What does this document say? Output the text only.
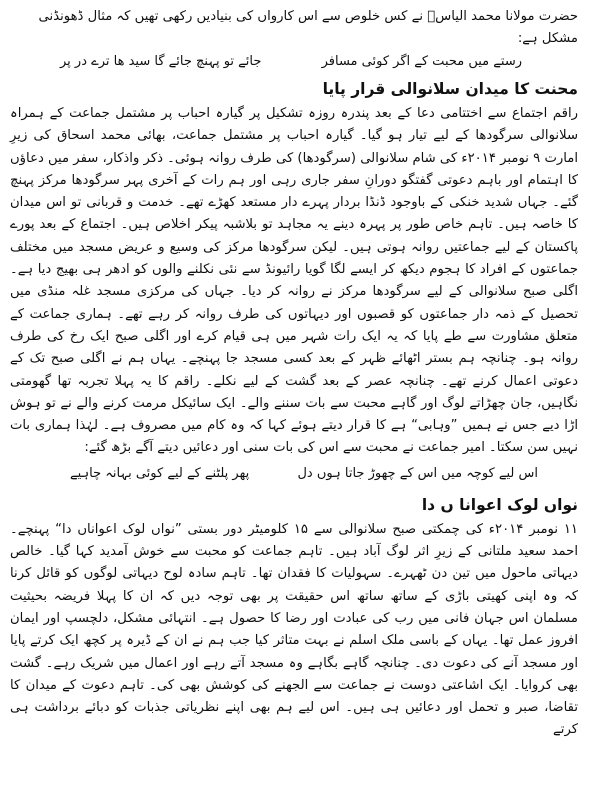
حضرت مولانا محمد الیاسؒ نے کس خلوص سے اس کارواں کی بنیادیں رکھی تھیں کہ مثال ڈھونڈنی مشکل ہے:

رستے میں محبت کے اگر کوئی مسافر
جائے تو پہنچ جائے گا سید ھا ترے در پر
محنت کا میدان سلانوالی قرار پایا

راقم اجتماع سے اختتامی دعا کے بعد پندرہ روزہ تشکیل پر گیارہ احباب پر مشتمل جماعت کے ہمراہ سلانوالی سرگودھا کے لیے تیار ہو گیا۔ گیارہ احباب پر مشتمل جماعت، بھائی محمد اسحاق کی زیرِ امارت ۹ نومبر ۲۰۱۴ء کی شام سلانوالی (سرگودھا) کی طرف روانہ ہوئی۔ ذکر واذکار، سفر میں دعاؤں کا اہتمام اور باہم دعوتی گفتگو دورانِ سفر جاری رہی اور ہم رات کے آخری پہر سرگودھا مرکز پہنچ گئے۔ جہاں شدید خنکی کے باوجود ڈنڈا بردار پہرے دار مستعد کھڑے تھے۔ خدمت و قربانی تو اس میدان کا خاصہ ہیں۔ تاہم خاص طور پر پہرہ دینے یہ مجاہد تو بلاشبہ پیکر اخلاص ہیں۔ اجتماع کے بعد پورے پاکستان کے لیے جماعتیں روانہ ہوتی ہیں۔ لیکن سرگودھا مرکز کی وسیع و عریض مسجد میں مختلف جماعتوں کے افراد کا ہجوم دیکھ کر ایسے لگا گویا رائیونڈ سے نئی نکلنے والوں کو ادھر ہی بھیج دیا ہے۔ اگلی صبح سلانوالی کے لیے سرگودھا مرکز نے روانہ کر دیا۔ جہاں کی مرکزی مسجد غلہ منڈی میں تحصیل کے ذمہ دار جماعتوں کو قصبوں اور دیہاتوں کی طرف روانہ کر رہے تھے۔ ہماری جماعت کے متعلق مشاورت سے طے پایا کہ یہ ایک رات شہر میں ہی قیام کرے اور اگلی صبح ایک رخ کی طرف روانہ ہو۔ چنانچہ ہم بستر اٹھائے ظہر کے بعد کسی مسجد جا پہنچے۔ یہاں ہم نے اگلی صبح تک کے دعوتی اعمال کرنے تھے۔ چنانچہ عصر کے بعد گشت کے لیے نکلے۔ راقم کا یہ پہلا تجربہ تھا گھومتی نگاہیں، جان چھڑاتے لوگ اور گاہے محبت سے بات سننے والے۔ ایک سائیکل مرمت کرنے والے نے تو ہوش اڑا دیے جس نے ہمیں ”وہابی“ ہے کا قرار دیتے ہوئے کہا کہ وہ کام میں مصروف ہے۔ لہٰذا ہماری بات نہیں سن سکتا۔ امیر جماعت نے محبت سے اس کی بات سنی اور دعائیں دیتے آگے بڑھ گئے:

اس لیے کوچہ میں اس کے چھوڑ جاتا ہوں دل
پھر پلٹنے کے لیے کوئی بہانہ چاہیے
نواں لوک اعوانا ں دا

۱۱ نومبر ۲۰۱۴ء کی چمکتی صبح سلانوالی سے ۱۵ کلومیٹر دور بستی ”نواں لوک اعواناں دا“ پہنچے۔ احمد سعید ملتانی کے زیرِ اثر لوگ آباد ہیں۔ تاہم جماعت کو محبت سے خوش آمدید کہا گیا۔ خالص دیہاتی ماحول میں تین دن ٹھہرے۔ سہولیات کا فقدان تھا۔ تاہم سادہ لوح دیہاتی لوگوں کو قائل کرنا کہ وہ اپنی کھیتی باڑی کے ساتھ ساتھ اس حقیقت پر بھی توجہ دیں کہ ان کا پہلا فریضہ بحیثیت مسلمان اس جہان فانی میں رب کی عبادت اور رضا کا حصول ہے۔ انتہائی مشکل، دلچسپ اور ایمان افروز عمل تھا۔ یہاں کے باسی ملک اسلم نے بہت متاثر کیا جب ہم نے ان کے ڈیرہ پر کچھ ایک کرتے پایا اور مسجد آنے کی دعوت دی۔ چنانچہ گاہے بگاہے وہ مسجد آتے رہے اور اعمال میں شریک رہے۔ گشت بھی کروایا۔ ایک اشاعتی دوست نے جماعت سے الجھنے کی کوشش بھی کی۔ تاہم دعوت کے میدان کا تقاضا، صبر و تحمل اور دعائیں ہی ہیں۔ اس لیے ہم بھی اپنے نظریاتی جذبات کو دبائے برداشت ہی کرتے
